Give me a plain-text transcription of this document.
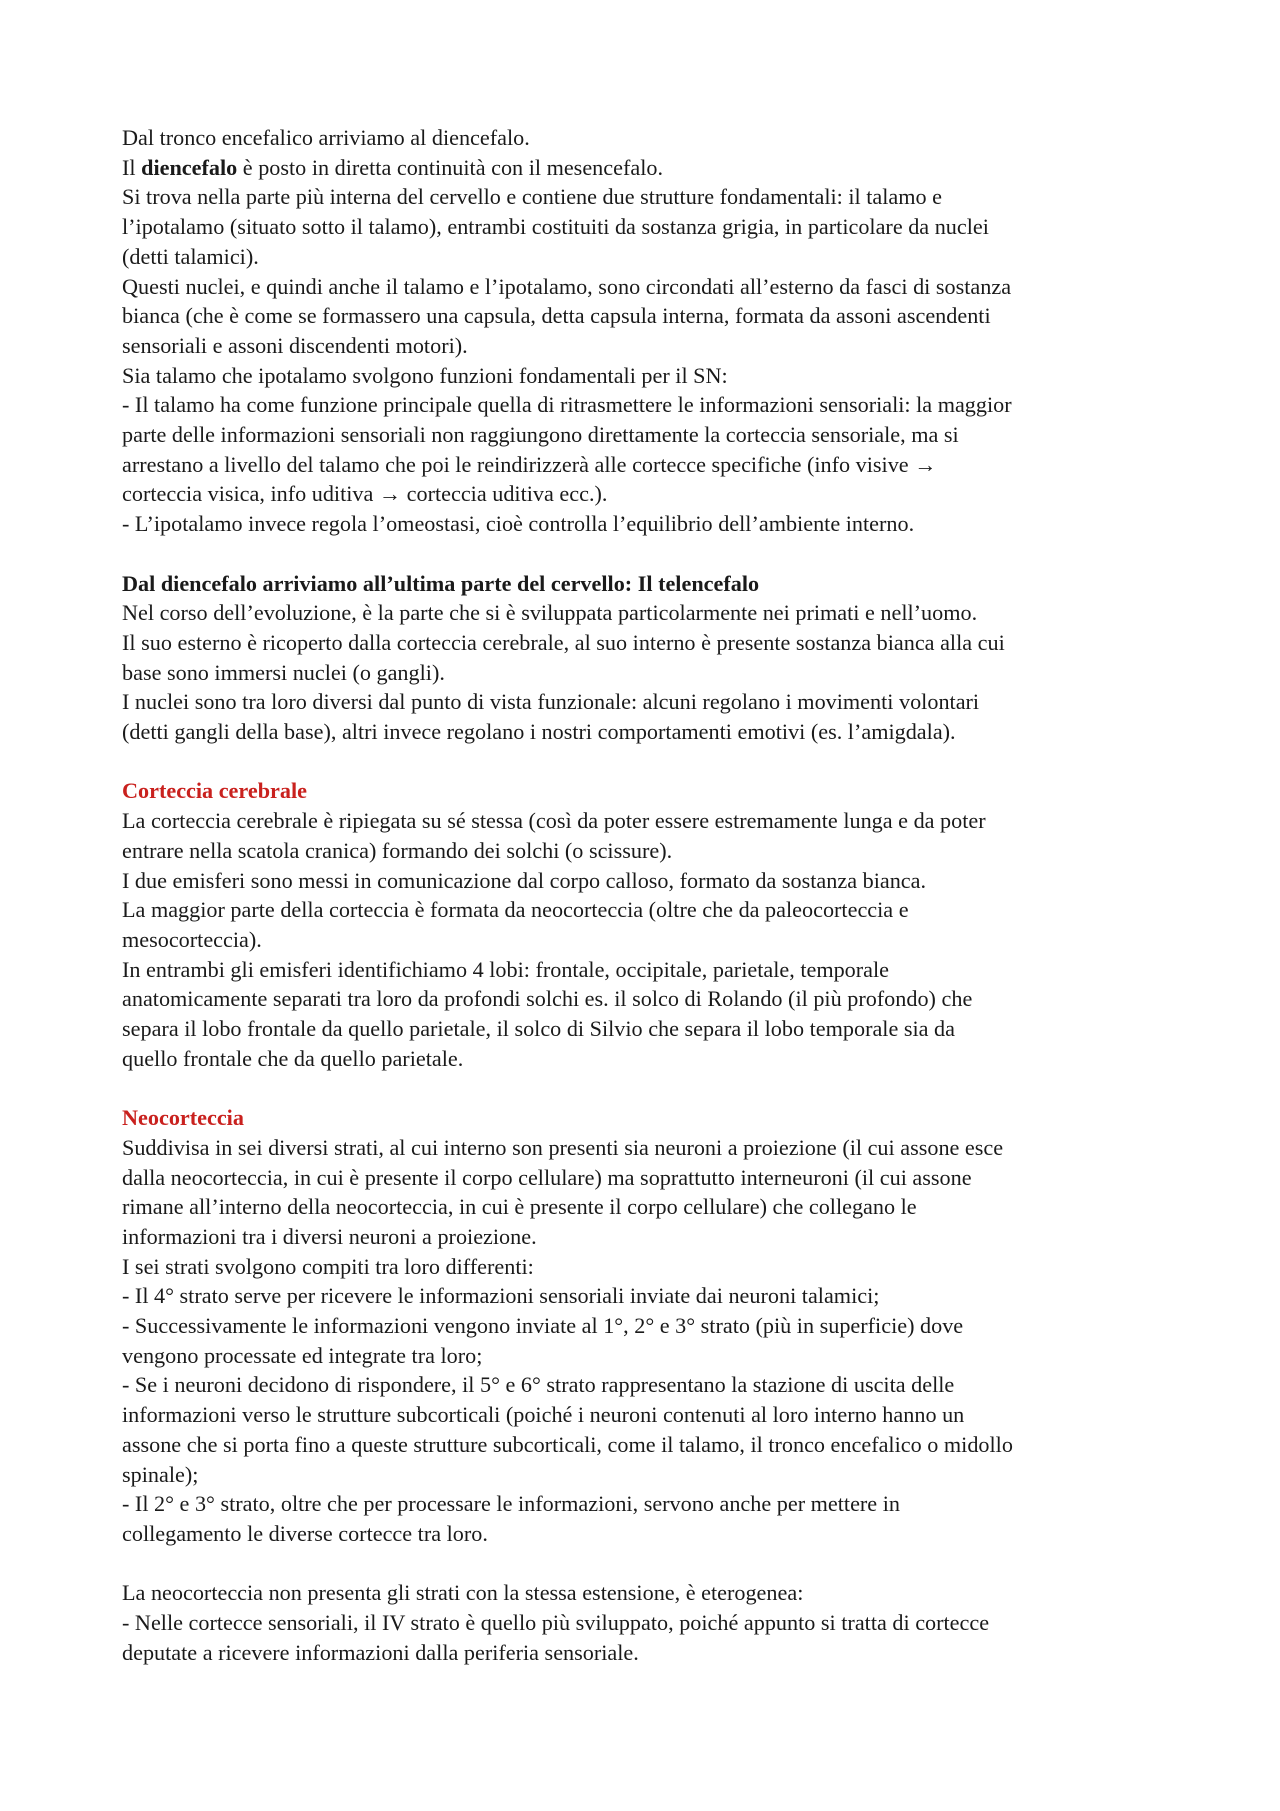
Dal tronco encefalico arriviamo al diencefalo.
Il diencefalo è posto in diretta continuità con il mesencefalo.
Si trova nella parte più interna del cervello e contiene due strutture fondamentali: il talamo e
l’ipotalamo (situato sotto il talamo), entrambi costituiti da sostanza grigia, in particolare da nuclei
(detti talamici).
Questi nuclei, e quindi anche il talamo e l’ipotalamo, sono circondati all’esterno da fasci di sostanza
bianca (che è come se formassero una capsula, detta capsula interna, formata da assoni ascendenti
sensoriali e assoni discendenti motori).
Sia talamo che ipotalamo svolgono funzioni fondamentali per il SN:
- Il talamo ha come funzione principale quella di ritrasmettere le informazioni sensoriali: la maggior
parte delle informazioni sensoriali non raggiungono direttamente la corteccia sensoriale, ma si
arrestano a livello del talamo che poi le reindirizzerà alle cortecce specifiche (info visive →
corteccia visica, info uditiva → corteccia uditiva ecc.).
- L’ipotalamo invece regola l’omeostasi, cioè controlla l’equilibrio dell’ambiente interno.
Dal diencefalo arriviamo all’ultima parte del cervello: Il telencefalo
Nel corso dell’evoluzione, è la parte che si è sviluppata particolarmente nei primati e nell’uomo.
Il suo esterno è ricoperto dalla corteccia cerebrale, al suo interno è presente sostanza bianca alla cui
base sono immersi nuclei (o gangli).
I nuclei sono tra loro diversi dal punto di vista funzionale: alcuni regolano i movimenti volontari
(detti gangli della base), altri invece regolano i nostri comportamenti emotivi (es. l’amigdala).
Corteccia cerebrale
La corteccia cerebrale è ripiegata su sé stessa (così da poter essere estremamente lunga e da poter
entrare nella scatola cranica) formando dei solchi (o scissure).
I due emisferi sono messi in comunicazione dal corpo calloso, formato da sostanza bianca.
La maggior parte della corteccia è formata da neocorteccia (oltre che da paleocorteccia e
mesocorteccia).
In entrambi gli emisferi identifichiamo 4 lobi: frontale, occipitale, parietale, temporale
anatomicamente separati tra loro da profondi solchi es. il solco di Rolando (il più profondo) che
separa il lobo frontale da quello parietale, il solco di Silvio che separa il lobo temporale sia da
quello frontale che da quello parietale.
Neocorteccia
Suddivisa in sei diversi strati, al cui interno son presenti sia neuroni a proiezione (il cui assone esce
dalla neocorteccia, in cui è presente il corpo cellulare) ma soprattutto interneuroni (il cui assone
rimane all’interno della neocorteccia, in cui è presente il corpo cellulare) che collegano le
informazioni tra i diversi neuroni a proiezione.
I sei strati svolgono compiti tra loro differenti:
- Il 4° strato serve per ricevere le informazioni sensoriali inviate dai neuroni talamici;
- Successivamente le informazioni vengono inviate al 1°, 2° e 3° strato (più in superficie) dove
vengono processate ed integrate tra loro;
- Se i neuroni decidono di rispondere, il 5° e 6° strato rappresentano la stazione di uscita delle
informazioni verso le strutture subcorticali (poiché i neuroni contenuti al loro interno hanno un
assone che si porta fino a queste strutture subcorticali, come il talamo, il tronco encefalico o midollo
spinale);
- Il 2° e 3° strato, oltre che per processare le informazioni, servono anche per mettere in
collegamento le diverse cortecce tra loro.
La neocorteccia non presenta gli strati con la stessa estensione, è eterogenea:
- Nelle cortecce sensoriali, il IV strato è quello più sviluppato, poiché appunto si tratta di cortecce
deputate a ricevere informazioni dalla periferia sensoriale.
